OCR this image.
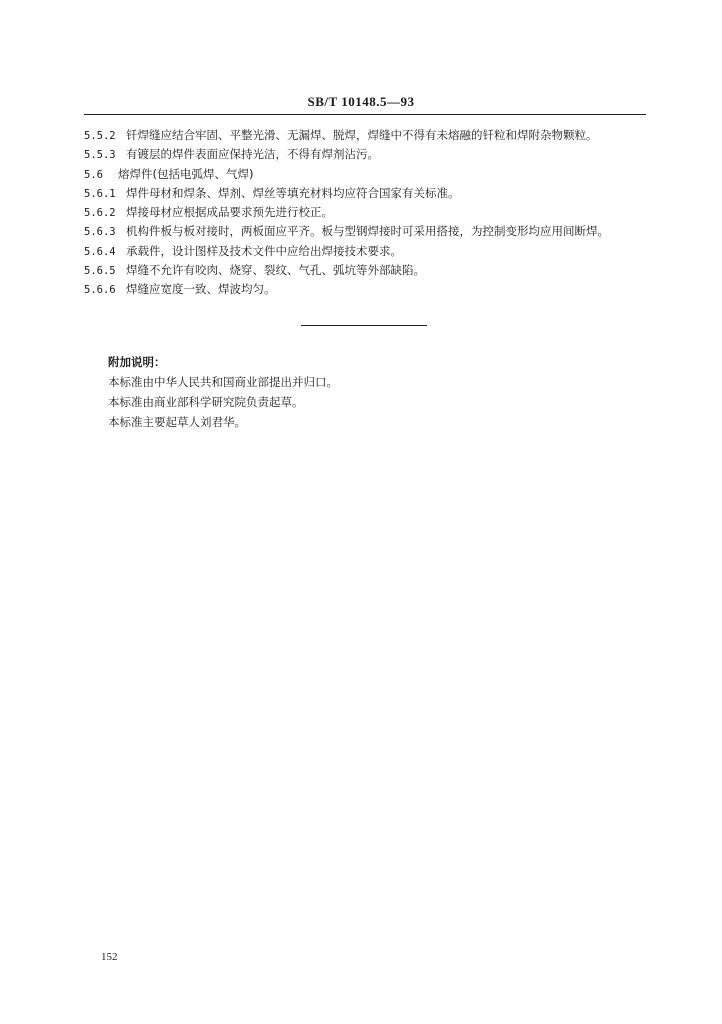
SB/T 10148.5—93
5.5.2 钎焊缝应结合牢固、平整光滑、无漏焊、脱焊，焊缝中不得有未熔融的钎粒和焊附杂物颗粒。
5.5.3 有镀层的焊件表面应保持光洁，不得有焊剂沾污。
5.6 熔焊件(包括电弧焊、气焊)
5.6.1 焊件母材和焊条、焊剂、焊丝等填充材料均应符合国家有关标准。
5.6.2 焊接母材应根据成品要求预先进行校正。
5.6.3 机构件板与板对接时，两板面应平齐。板与型钢焊接时可采用搭接，为控制变形均应用间断焊。
5.6.4 承载件，设计图样及技术文件中应给出焊接技术要求。
5.6.5 焊缝不允许有咬肉、烧穿、裂纹、气孔、弧坑等外部缺陷。
5.6.6 焊缝应宽度一致、焊波均匀。
附加说明：
本标准由中华人民共和国商业部提出并归口。
本标准由商业部科学研究院负责起草。
本标准主要起草人刘君华。
152
